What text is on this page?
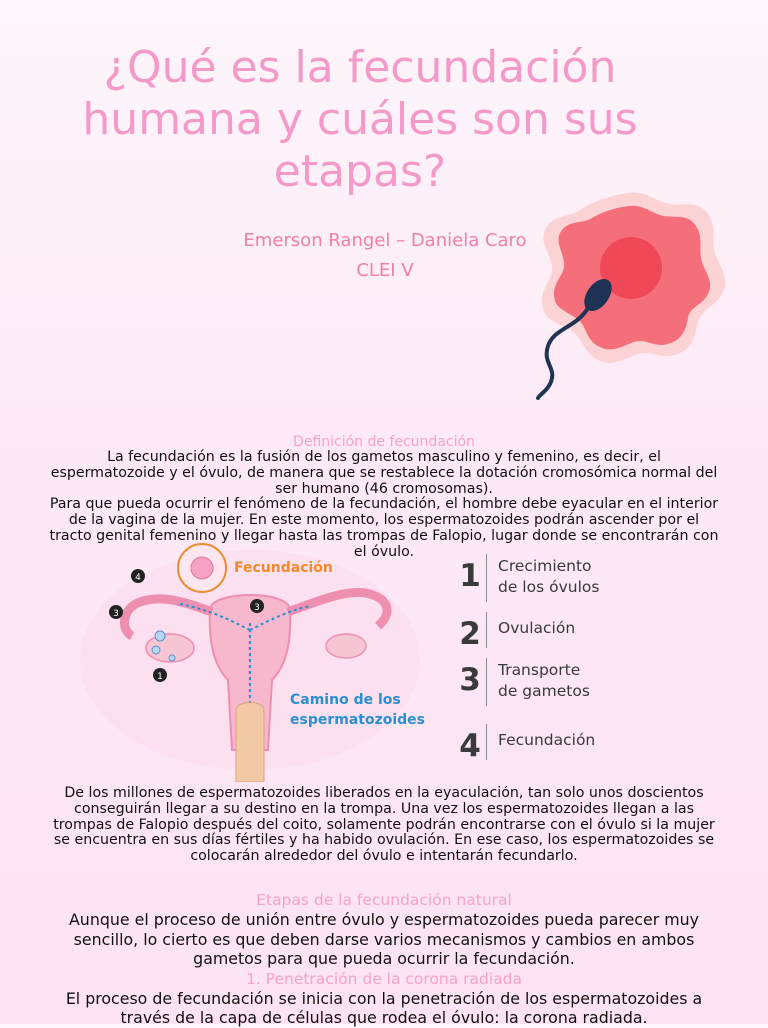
¿Qué es la fecundación humana y cuáles son sus etapas?
Emerson Rangel – Daniela Caro
CLEI V
Definición de fecundación
La fecundación es la fusión de los gametos masculino y femenino, es decir, el espermatozoide y el óvulo, de manera que se restablece la dotación cromosómica normal del ser humano (46 cromosomas).
Para que pueda ocurrir el fenómeno de la fecundación, el hombre debe eyacular en el interior de la vagina de la mujer. En este momento, los espermatozoides podrán ascender por el tracto genital femenino y llegar hasta las trompas de Falopio, lugar donde se encontrarán con el óvulo.
Fecundación
Camino de los
espermatozoides
4
3
3
1
1 Crecimiento
de los óvulos
2 Ovulación
3 Transporte
de gametos
4 Fecundación
De los millones de espermatozoides liberados en la eyaculación, tan solo unos doscientos conseguirán llegar a su destino en la trompa. Una vez los espermatozoides llegan a las trompas de Falopio después del coito, solamente podrán encontrarse con el óvulo si la mujer se encuentra en sus días fértiles y ha habido ovulación. En ese caso, los espermatozoides se colocarán alrededor del óvulo e intentarán fecundarlo.
Etapas de la fecundación natural
Aunque el proceso de unión entre óvulo y espermatozoides pueda parecer muy sencillo, lo cierto es que deben darse varios mecanismos y cambios en ambos gametos para que pueda ocurrir la fecundación.
1. Penetración de la corona radiada
El proceso de fecundación se inicia con la penetración de los espermatozoides a través de la capa de células que rodea el óvulo: la corona radiada.
